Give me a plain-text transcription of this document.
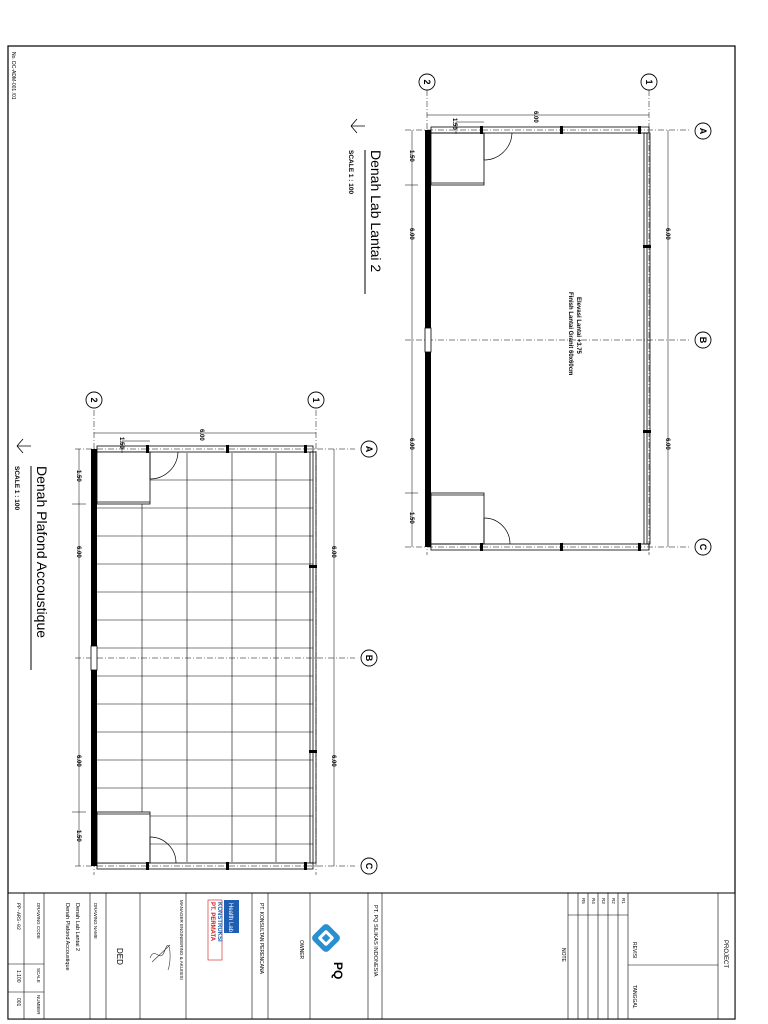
No. DC-ADM-001 /01	2	1
A
B
C
6.00
1.50
1.50
6.00
6.00
1.50
6.00
6.00
Elevasi Lantai +3.75
Finish Lantai Granit 60x60cm
Denah Lab Lantai 2
SCALE 1 : 100
2	1
A
B
C
6.00
1.50
1.50
6.00
6.00
1.50
6.00
6.00
Denah Plafond Accoustique
SCALE 1 : 100
PROJECT
REVISI
TANGGAL
R1
R2
R3
R4
R5
NOTE
PT. PQ SILIKAS INDONESIA
PQ
OWNER
PT. KONSULTAN PERENCANA
Health Lab
PT. PERMATA KONSTRUKSI
MANAGER ENGINEERING & AKUISISI
DED
DRAWING NAME
Denah Lab Lantai 2
Denah Plafond Accoustique
DRAWING CODE
PP-ARS-02
SCALE
1:100
NUMBER
001
